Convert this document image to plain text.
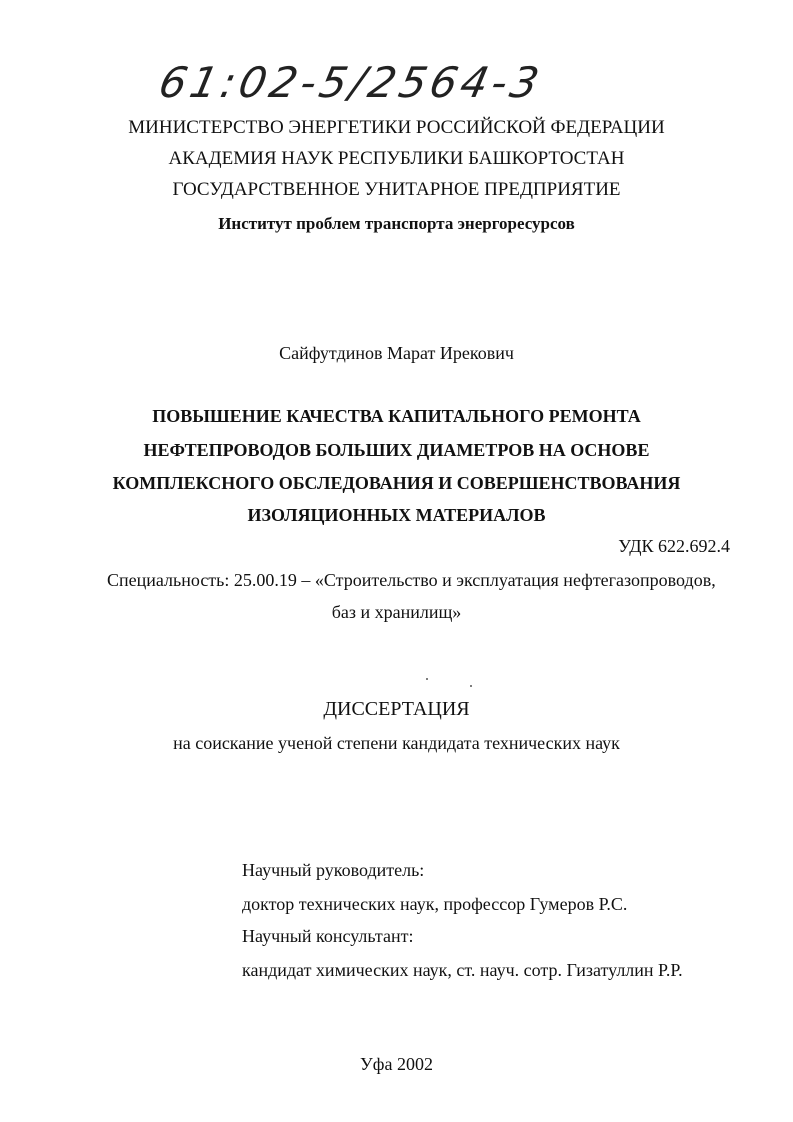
61:02-5/2564-3
МИНИСТЕРСТВО ЭНЕРГЕТИКИ РОССИЙСКОЙ ФЕДЕРАЦИИ
АКАДЕМИЯ НАУК РЕСПУБЛИКИ БАШКОРТОСТАН
ГОСУДАРСТВЕННОЕ УНИТАРНОЕ ПРЕДПРИЯТИЕ
Институт проблем транспорта энергоресурсов
Сайфутдинов Марат Ирекович
ПОВЫШЕНИЕ КАЧЕСТВА КАПИТАЛЬНОГО РЕМОНТА
НЕФТЕПРОВОДОВ БОЛЬШИХ ДИАМЕТРОВ НА ОСНОВЕ
КОМПЛЕКСНОГО ОБСЛЕДОВАНИЯ И СОВЕРШЕНСТВОВАНИЯ
ИЗОЛЯЦИОННЫХ МАТЕРИАЛОВ
УДК 622.692.4
Специальность: 25.00.19 – «Строительство и эксплуатация нефтегазопроводов,
баз и хранилищ»
ДИССЕРТАЦИЯ
на соискание ученой степени кандидата технических наук
Научный руководитель:
доктор технических наук, профессор Гумеров Р.С.
Научный консультант:
кандидат химических наук, ст. науч. сотр. Гизатуллин Р.Р.
Уфа 2002
